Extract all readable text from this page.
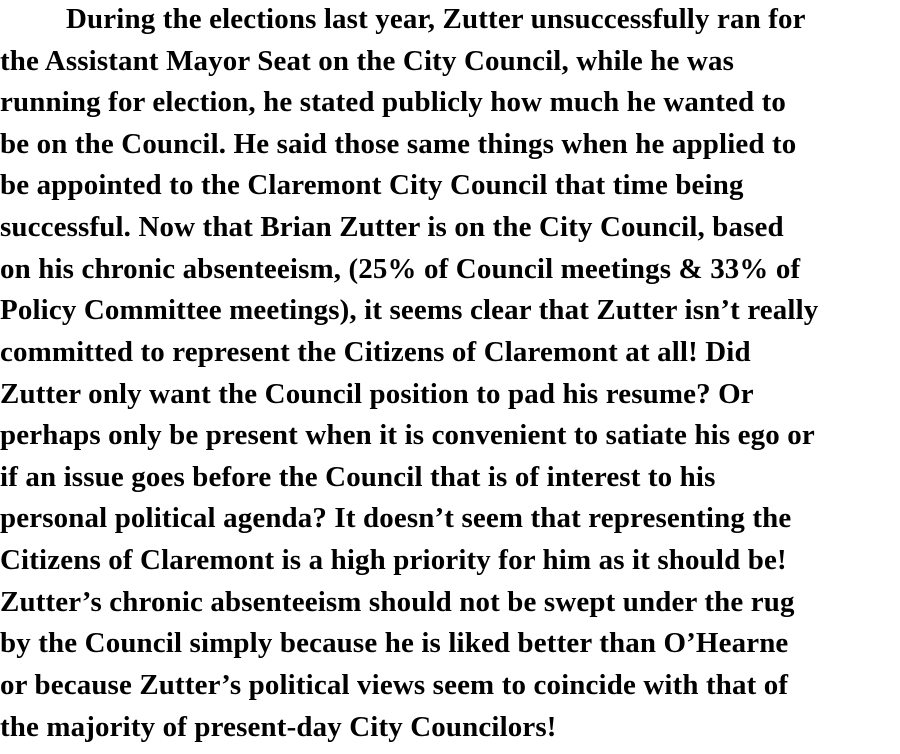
During the elections last year, Zutter unsuccessfully ran for
the Assistant Mayor Seat on the City Council, while he was
running for election, he stated publicly how much he wanted to
be on the Council. He said those same things when he applied to
be appointed to the Claremont City Council that time being
successful. Now that Brian Zutter is on the City Council, based
on his chronic absenteeism, (25% of Council meetings & 33% of
Policy Committee meetings), it seems clear that Zutter isn’t really
committed to represent the Citizens of Claremont at all! Did
Zutter only want the Council position to pad his resume? Or
perhaps only be present when it is convenient to satiate his ego or
if an issue goes before the Council that is of interest to his
personal political agenda? It doesn’t seem that representing the
Citizens of Claremont is a high priority for him as it should be!
Zutter’s chronic absenteeism should not be swept under the rug
by the Council simply because he is liked better than O’Hearne
or because Zutter’s political views seem to coincide with that of
the majority of present-day City Councilors!
